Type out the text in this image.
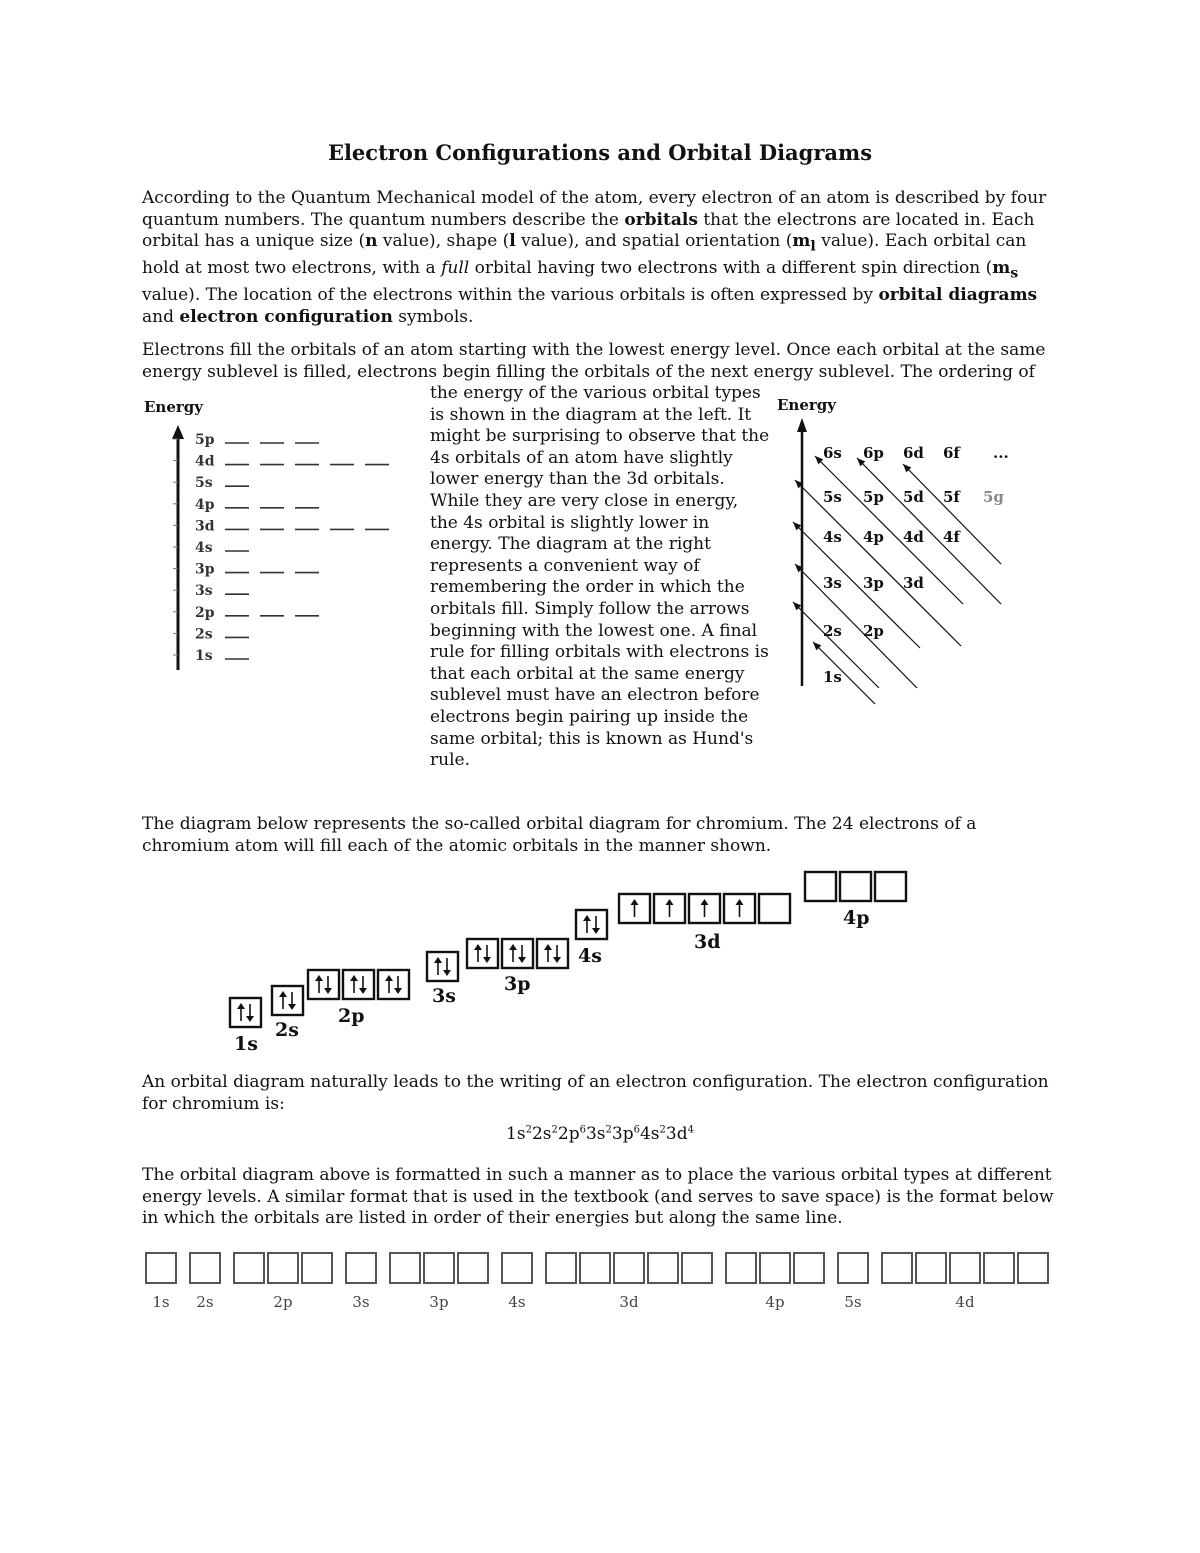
Electron Configurations and Orbital Diagrams

According to the Quantum Mechanical model of the atom, every electron of an atom is described by four quantum numbers. The quantum numbers describe the orbitals that the electrons are located in. Each orbital has a unique size (n value), shape (l value), and spatial orientation ($m_l$ value). Each orbital can hold at most two electrons, with a full orbital having two electrons with a different spin direction ($m_s$ value). The location of the electrons within the various orbitals is often expressed by orbital diagrams and electron configuration symbols.

Electrons fill the orbitals of an atom starting with the lowest energy level. Once each orbital at the same energy sublevel is filled, electrons begin filling the orbitals of the next energy sublevel. The ordering of

the energy of the various orbital types is shown in the diagram at the left. It might be surprising to observe that the 4s orbitals of an atom have slightly lower energy than the 3d orbitals. While they are very close in energy, the 4s orbital is slightly lower in energy. The diagram at the right represents a convenient way of remembering the order in which the orbitals fill. Simply follow the arrows beginning with the lowest one. A final rule for filling orbitals with electrons is that each orbital at the same energy sublevel must have an electron before electrons begin pairing up inside the same orbital; this is known as Hund's rule.

Energy
5p
4d
5s
4p
3d
4s
3p
3s
2p
2s
1s
Energy
6s 6p 6d 6f ...
5s 5p 5d 5f 5g
4s 4p 4d 4f
3s 3p 3d
2s 2p
1s

The diagram below represents the so-called orbital diagram for chromium. The 24 electrons of a chromium atom will fill each of the atomic orbitals in the manner shown.

1s
2s
2p
3s
3p
4s
3d
4p

An orbital diagram naturally leads to the writing of an electron configuration. The electron configuration for chromium is:

$1s^22s^22p^63s^23p^64s^23d^4$

The orbital diagram above is formatted in such a manner as to place the various orbital types at different energy levels. A similar format that is used in the textbook (and serves to save space) is the format below in which the orbitals are listed in order of their energies but along the same line.

1s 2s	2p	3s	3p	4s	3d	4p	5s	4d
